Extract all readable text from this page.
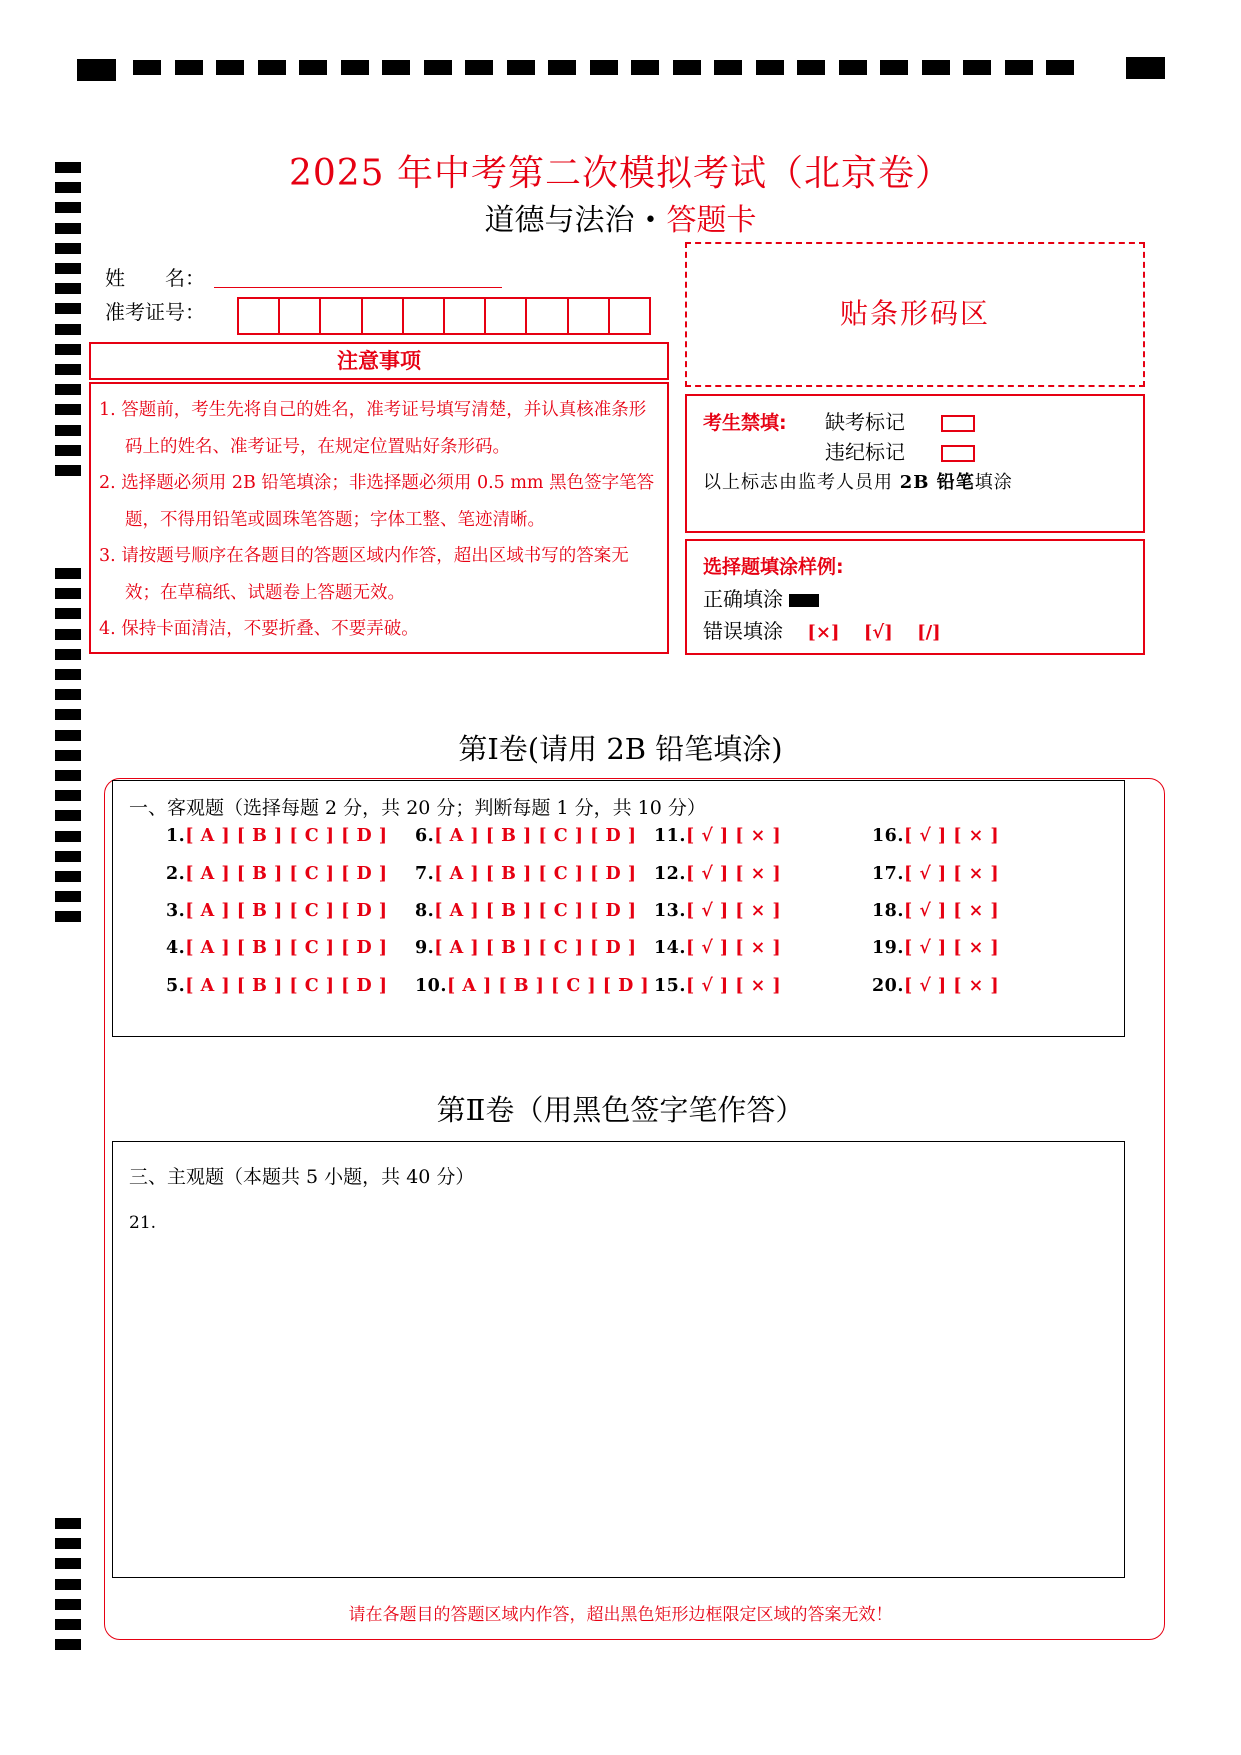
2025 年中考第二次模拟考试（北京卷）
道德与法治 • 答题卡
姓　　名：
准考证号：
注意事项

1. 答题前，考生先将自己的姓名，准考证号填写清楚，并认真核准条形码上的姓名、准考证号，在规定位置贴好条形码。

2. 选择题必须用 2B 铅笔填涂；非选择题必须用 0.5 mm 黑色签字笔答题，不得用铅笔或圆珠笔答题；字体工整、笔迹清晰。

3. 请按题号顺序在各题目的答题区域内作答，超出区域书写的答案无效；在草稿纸、试题卷上答题无效。

4. 保持卡面清洁，不要折叠、不要弄破。

贴条形码区
考生禁填: 缺考标记
违纪标记
以上标志由监考人员用 2B 铅笔填涂
选择题填涂样例:
正确填涂
错误填涂 [×] [√] [/]
第Ⅰ卷(请用 2B 铅笔填涂)
一、客观题（选择每题 2 分，共 20 分；判断每题 1 分，共 10 分）
1.[ A ] [ B ] [ C ] [ D ]
2.[ A ] [ B ] [ C ] [ D ]
3.[ A ] [ B ] [ C ] [ D ]
4.[ A ] [ B ] [ C ] [ D ]
5.[ A ] [ B ] [ C ] [ D ]
6.[ A ] [ B ] [ C ] [ D ]
7.[ A ] [ B ] [ C ] [ D ]
8.[ A ] [ B ] [ C ] [ D ]
9.[ A ] [ B ] [ C ] [ D ]
10.[ A ] [ B ] [ C ] [ D ]
11.[ √ ] [ × ]
12.[ √ ] [ × ]
13.[ √ ] [ × ]
14.[ √ ] [ × ]
15.[ √ ] [ × ]
16.[ √ ] [ × ]
17.[ √ ] [ × ]
18.[ √ ] [ × ]
19.[ √ ] [ × ]
20.[ √ ] [ × ]
第Ⅱ卷（用黑色签字笔作答）
三、主观题（本题共 5 小题，共 40 分）
21.
请在各题目的答题区域内作答，超出黑色矩形边框限定区域的答案无效！
